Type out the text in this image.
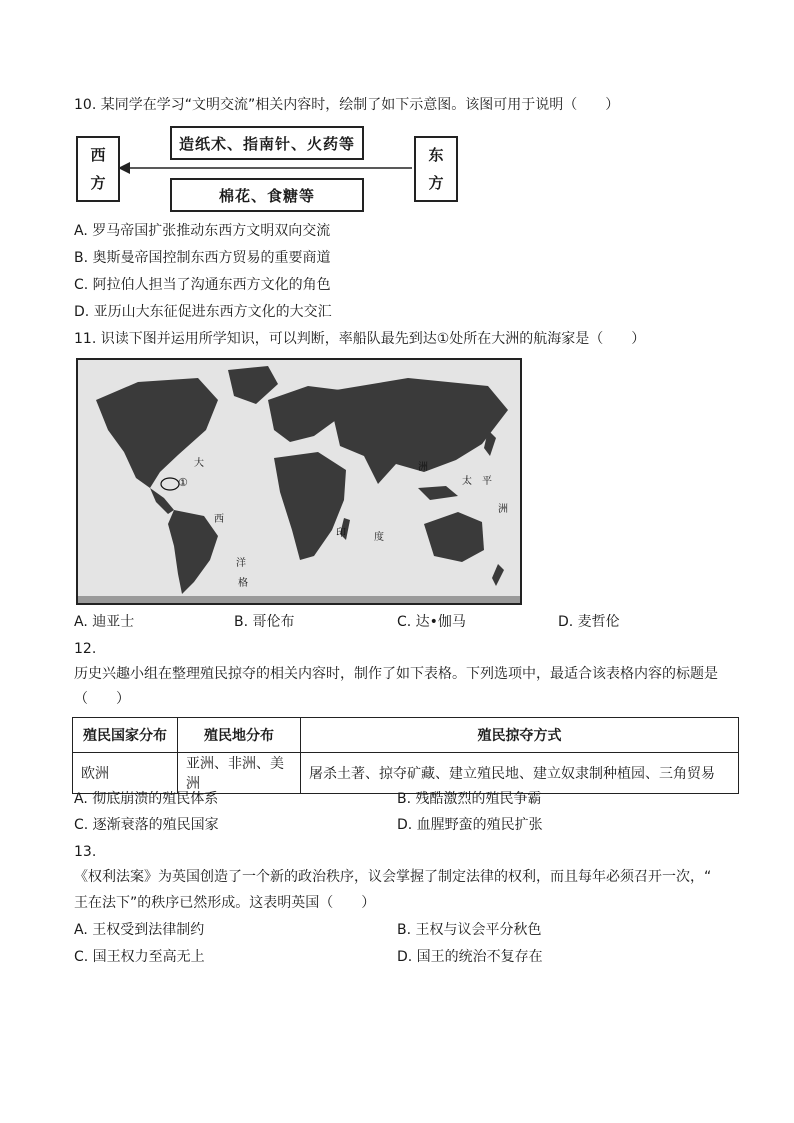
10. 某同学在学习“文明交流”相关内容时，绘制了如下示意图。该图可用于说明（　　）
西
方
造纸术、指南针、火药等
棉花、食糖等
东
方
A. 罗马帝国扩张推动东西方文明双向交流
B. 奥斯曼帝国控制东西方贸易的重要商道
C. 阿拉伯人担当了沟通东西方文化的角色
D. 亚历山大东征促进东西方文化的大交汇
11. 识读下图并运用所学知识，可以判断，率船队最先到达①处所在大洲的航海家是（　　）
大
西
洋
印	度
太 平
洲
洲
格
①
A. 迪亚士	B. 哥伦布	C. 达•伽马	D. 麦哲伦
12.
历史兴趣小组在整理殖民掠夺的相关内容时，制作了如下表格。下列选项中，最适合该表格内容的标题是
（　　）
殖民国家分布	殖民地分布	殖民掠夺方式
欧洲	亚洲、非洲、美洲	屠杀土著、掠夺矿藏、建立殖民地、建立奴隶制种植园、三角贸易
A. 彻底崩溃的殖民体系	B. 残酷激烈的殖民争霸
C. 逐渐衰落的殖民国家	D. 血腥野蛮的殖民扩张
13.
《权利法案》为英国创造了一个新的政治秩序，议会掌握了制定法律的权利，而且每年必须召开一次，“
王在法下”的秩序已然形成。这表明英国（　　）
A. 王权受到法律制约	B. 王权与议会平分秋色
C. 国王权力至高无上	D. 国王的统治不复存在
